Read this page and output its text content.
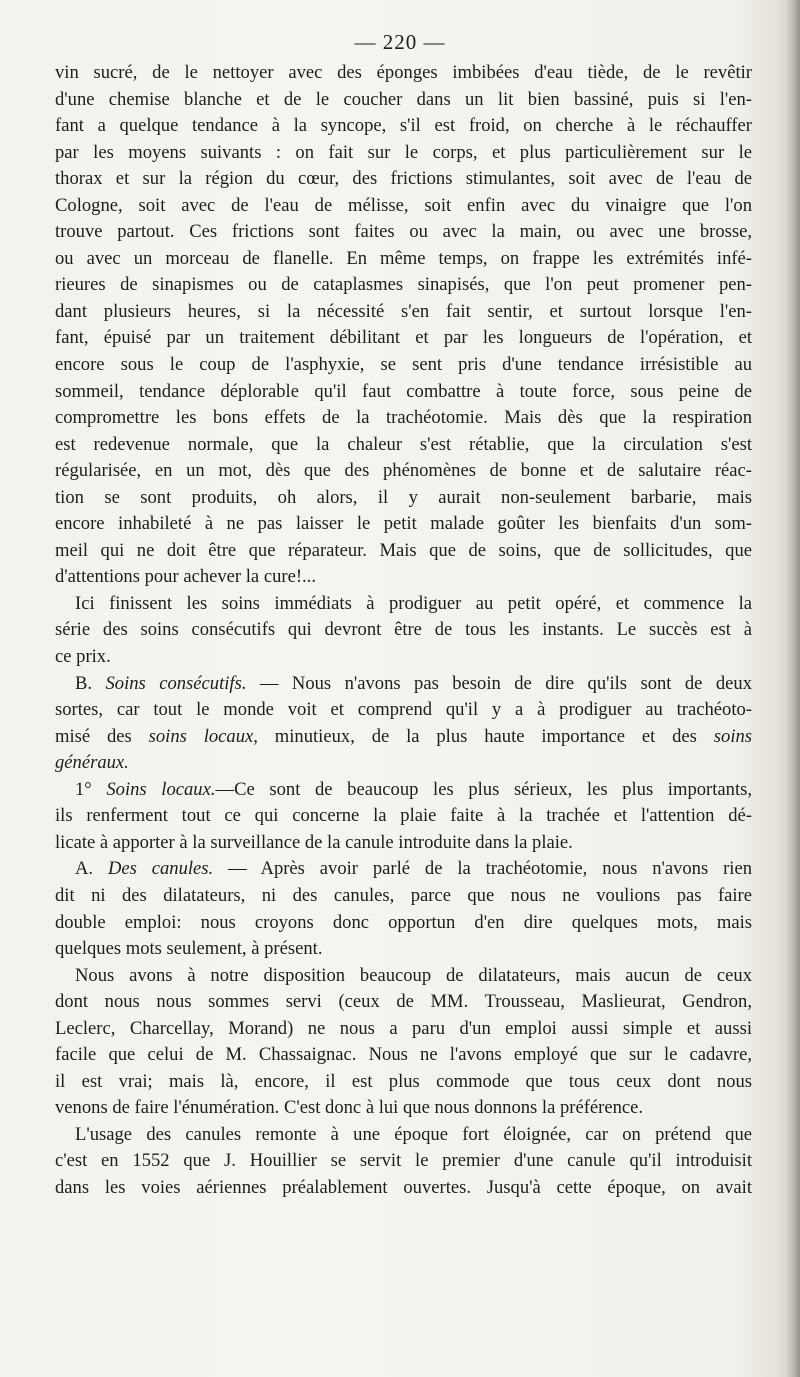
— 220 —
vin sucré, de le nettoyer avec des éponges imbibées d'eau tiède, de le revêtir
d'une chemise blanche et de le coucher dans un lit bien bassiné, puis si l'en-
fant a quelque tendance à la syncope, s'il est froid, on cherche à le réchauffer
par les moyens suivants : on fait sur le corps, et plus particulièrement sur le
thorax et sur la région du cœur, des frictions stimulantes, soit avec de l'eau de
Cologne, soit avec de l'eau de mélisse, soit enfin avec du vinaigre que l'on
trouve partout. Ces frictions sont faites ou avec la main, ou avec une brosse,
ou avec un morceau de flanelle. En même temps, on frappe les extrémités infé-
rieures de sinapismes ou de cataplasmes sinapisés, que l'on peut promener pen-
dant plusieurs heures, si la nécessité s'en fait sentir, et surtout lorsque l'en-
fant, épuisé par un traitement débilitant et par les longueurs de l'opération, et
encore sous le coup de l'asphyxie, se sent pris d'une tendance irrésistible au
sommeil, tendance déplorable qu'il faut combattre à toute force, sous peine de
compromettre les bons effets de la trachéotomie. Mais dès que la respiration
est redevenue normale, que la chaleur s'est rétablie, que la circulation s'est
régularisée, en un mot, dès que des phénomènes de bonne et de salutaire réac-
tion se sont produits, oh alors, il y aurait non-seulement barbarie, mais
encore inhabileté à ne pas laisser le petit malade goûter les bienfaits d'un som-
meil qui ne doit être que réparateur. Mais que de soins, que de sollicitudes, que
d'attentions pour achever la cure!...
Ici finissent les soins immédiats à prodiguer au petit opéré, et commence la
série des soins consécutifs qui devront être de tous les instants. Le succès est à
ce prix.
B. Soins consécutifs. — Nous n'avons pas besoin de dire qu'ils sont de deux
sortes, car tout le monde voit et comprend qu'il y a à prodiguer au trachéoto-
misé des soins locaux, minutieux, de la plus haute importance et des soins
généraux.
1° Soins locaux.—Ce sont de beaucoup les plus sérieux, les plus importants,
ils renferment tout ce qui concerne la plaie faite à la trachée et l'attention dé-
licate à apporter à la surveillance de la canule introduite dans la plaie.
A. Des canules. — Après avoir parlé de la trachéotomie, nous n'avons rien
dit ni des dilatateurs, ni des canules, parce que nous ne voulions pas faire
double emploi: nous croyons donc opportun d'en dire quelques mots, mais
quelques mots seulement, à présent.
Nous avons à notre disposition beaucoup de dilatateurs, mais aucun de ceux
dont nous nous sommes servi (ceux de MM. Trousseau, Maslieurat, Gendron,
Leclerc, Charcellay, Morand) ne nous a paru d'un emploi aussi simple et aussi
facile que celui de M. Chassaignac. Nous ne l'avons employé que sur le cadavre,
il est vrai; mais là, encore, il est plus commode que tous ceux dont nous
venons de faire l'énumération. C'est donc à lui que nous donnons la préférence.
L'usage des canules remonte à une époque fort éloignée, car on prétend que
c'est en 1552 que J. Houillier se servit le premier d'une canule qu'il introduisit
dans les voies aériennes préalablement ouvertes. Jusqu'à cette époque, on avait
